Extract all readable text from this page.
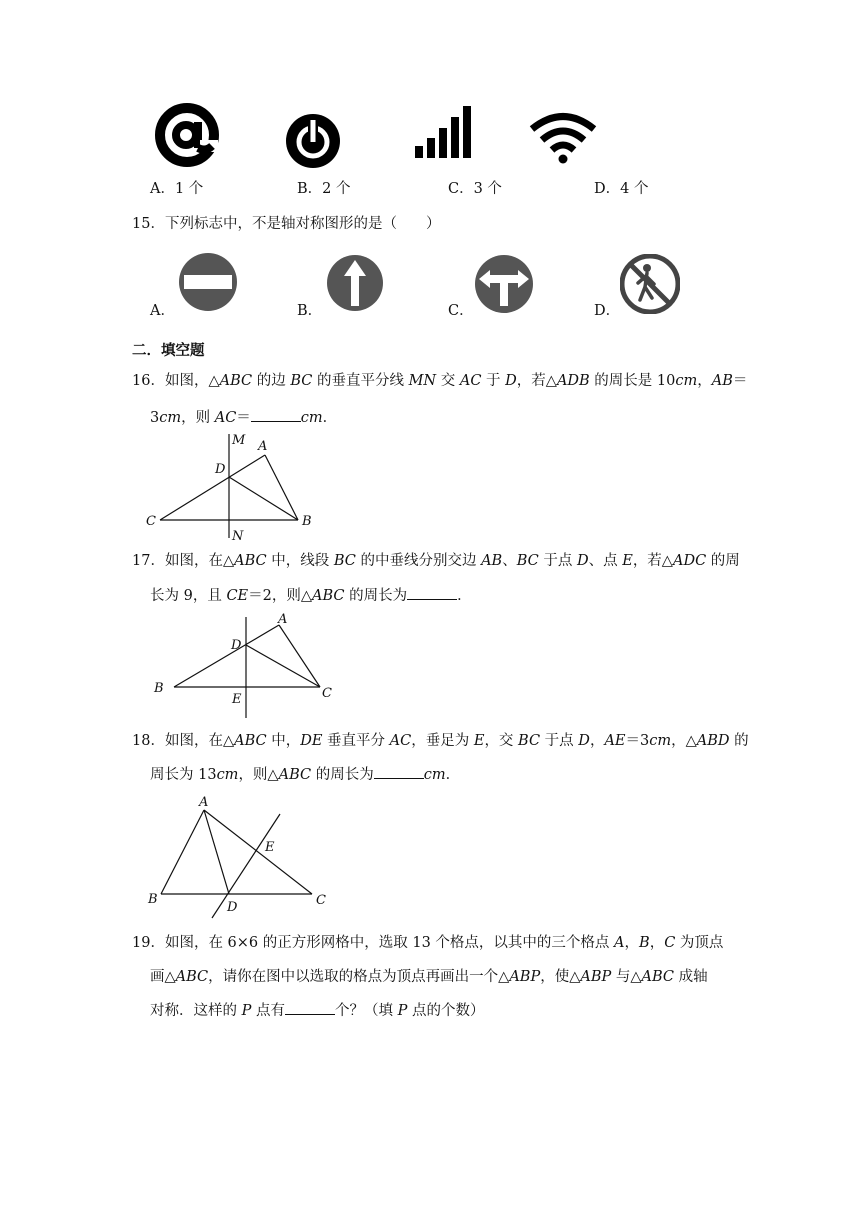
A．1 个	B．2 个	C．3 个	D．4 个
15．下列标志中，不是轴对称图形的是（　　）
A．	B．	C．	D．
二．填空题
16．如图，△ABC 的边 BC 的垂直平分线 MN 交 AC 于 D，若△ADB 的周长是 10cm，AB＝
3cm，则 AC＝	cm．
M A
D
C	B
N
17．如图，在△ABC 中，线段 BC 的中垂线分别交边 AB、BC 于点 D、点 E，若△ADC 的周
长为 9，且 CE＝2，则△ABC 的周长为	．
A
D
B
E	C
18．如图，在△ABC 中，DE 垂直平分 AC，垂足为 E，交 BC 于点 D，AE＝3cm，△ABD 的
周长为 13cm，则△ABC 的周长为	cm．
A
E
B
D	C
19．如图，在 6×6 的正方形网格中，选取 13 个格点，以其中的三个格点 A，B，C 为顶点
画△ABC，请你在图中以选取的格点为顶点再画出一个△ABP，使△ABP 与△ABC 成轴
对称．这样的 P 点有	个？（填 P 点的个数）
